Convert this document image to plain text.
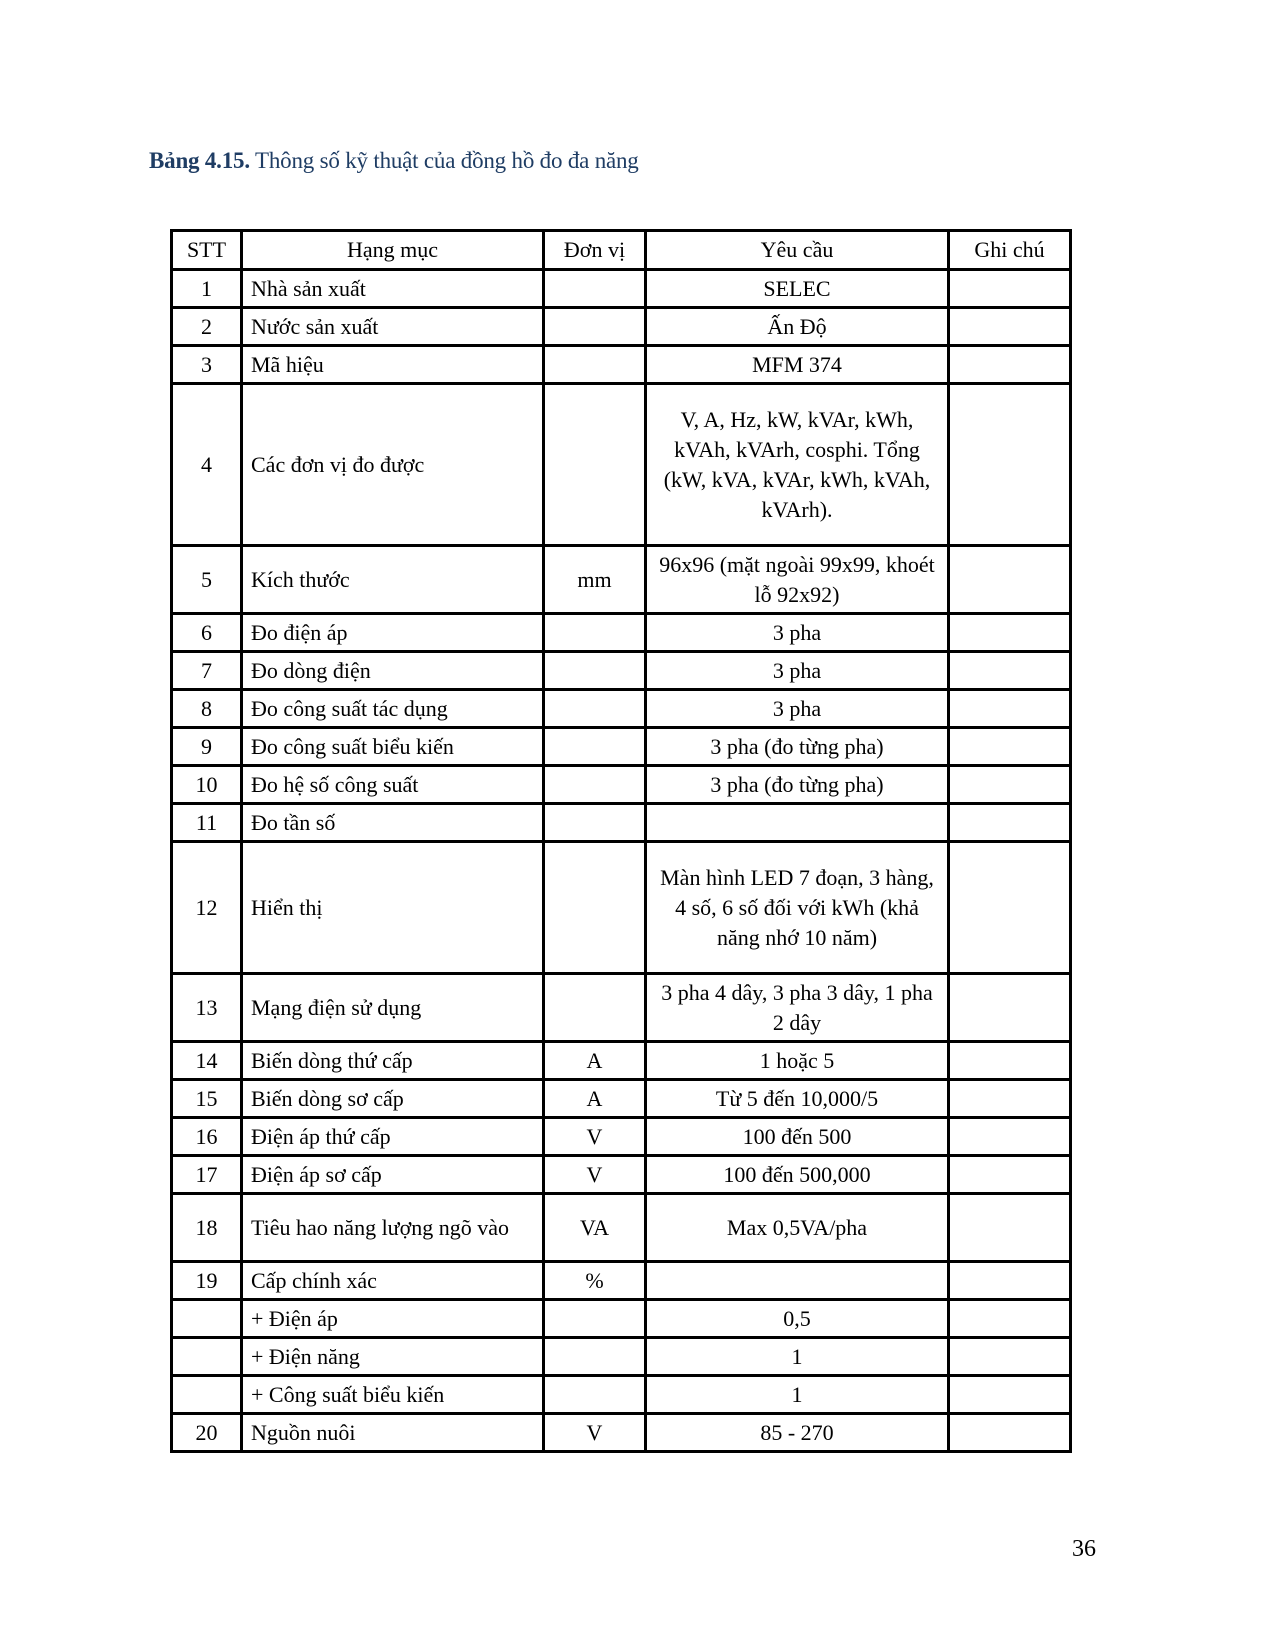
Bảng 4.15. Thông số kỹ thuật của đồng hồ đo đa năng
STT	Hạng mục	Đơn vị	Yêu cầu	Ghi chú
1	Nhà sản xuất		SELEC	
2	Nước sản xuất		Ấn Độ	
3	Mã hiệu		MFM 374	
4	Các đơn vị đo được		V, A, Hz, kW, kVAr, kWh, kVAh, kVArh, cosphi. Tổng (kW, kVA, kVAr, kWh, kVAh, kVArh).	
5	Kích thước	mm	96x96 (mặt ngoài 99x99, khoét lỗ 92x92)	
6	Đo điện áp		3 pha	
7	Đo dòng điện		3 pha	
8	Đo công suất tác dụng		3 pha	
9	Đo công suất biểu kiến		3 pha (đo từng pha)	
10	Đo hệ số công suất		3 pha (đo từng pha)	
11	Đo tần số			
12	Hiển thị		Màn hình LED 7 đoạn, 3 hàng, 4 số, 6 số đối với kWh (khả năng nhớ 10 năm)	
13	Mạng điện sử dụng		3 pha 4 dây, 3 pha 3 dây, 1 pha 2 dây	
14	Biến dòng thứ cấp	A	1 hoặc 5	
15	Biến dòng sơ cấp	A	Từ 5 đến 10,000/5	
16	Điện áp thứ cấp	V	100 đến 500	
17	Điện áp sơ cấp	V	100 đến 500,000	
18	Tiêu hao năng lượng ngõ vào	VA	Max 0,5VA/pha	
19	Cấp chính xác	%		
	+ Điện áp		0,5	
	+ Điện năng		1	
	+ Công suất biểu kiến		1	
20	Nguồn nuôi	V	85 - 270	
36
